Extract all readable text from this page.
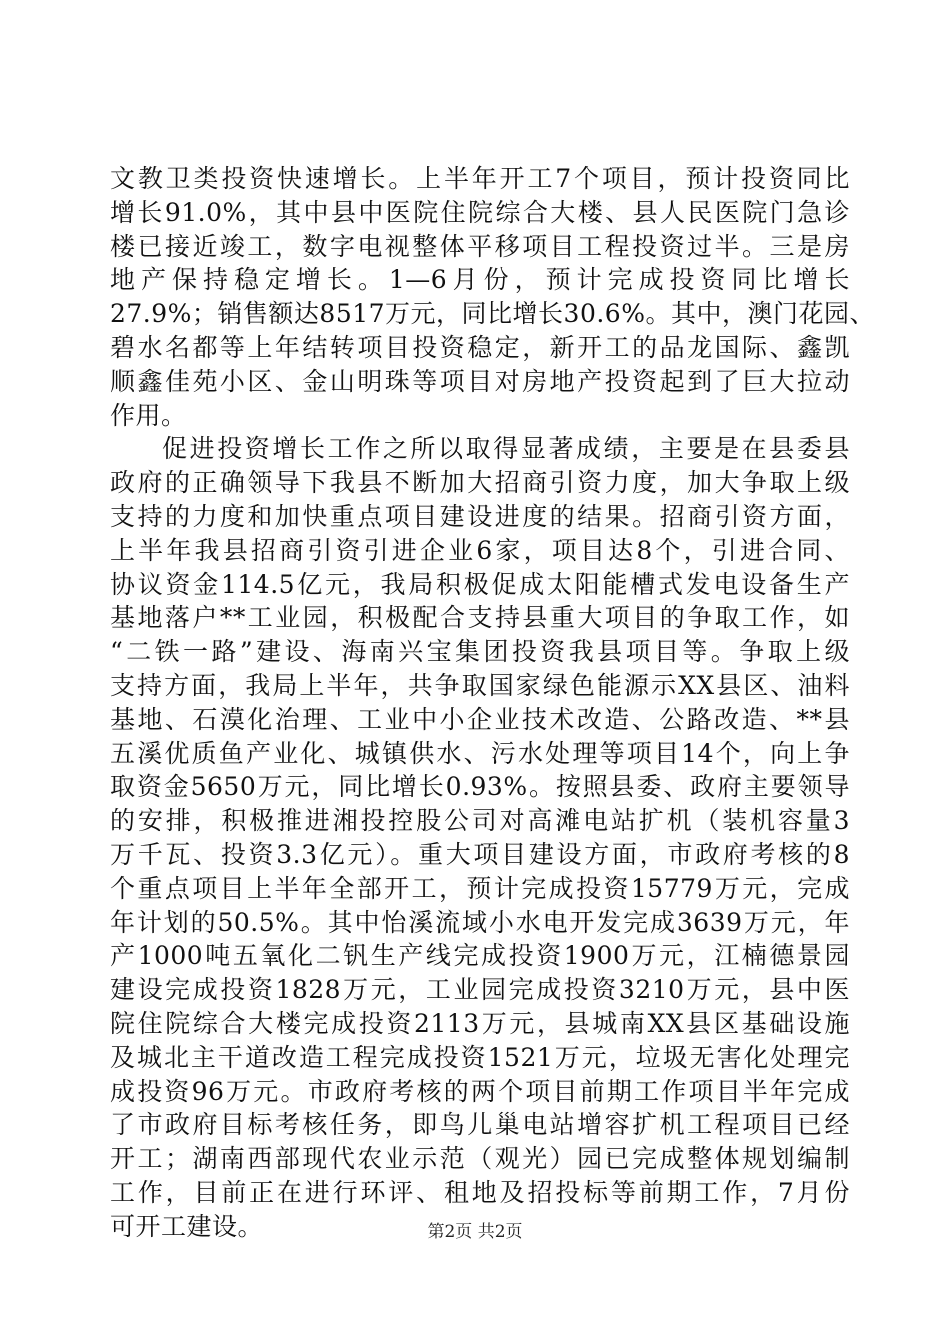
文教卫类投资快速增长。上半年开工7个项目，预计投资同比
增长91.0%，其中县中医院住院综合大楼、县人民医院门急诊
楼已接近竣工，数字电视整体平移项目工程投资过半。三是房
地产保持稳定增长。1—6月份，预计完成投资同比增长
27.9%；销售额达8517万元，同比增长30.6%。其中，澳门花园、
碧水名都等上年结转项目投资稳定，新开工的品龙国际、鑫凯
顺鑫佳苑小区、金山明珠等项目对房地产投资起到了巨大拉动
作用。
促进投资增长工作之所以取得显著成绩，主要是在县委县
政府的正确领导下我县不断加大招商引资力度，加大争取上级
支持的力度和加快重点项目建设进度的结果。招商引资方面，
上半年我县招商引资引进企业6家，项目达8个，引进合同、
协议资金114.5亿元，我局积极促成太阳能槽式发电设备生产
基地落户**工业园，积极配合支持县重大项目的争取工作，如
“二铁一路”建设、海南兴宝集团投资我县项目等。争取上级
支持方面，我局上半年，共争取国家绿色能源示XX县区、油料
基地、石漠化治理、工业中小企业技术改造、公路改造、**县
五溪优质鱼产业化、城镇供水、污水处理等项目14个，向上争
取资金5650万元，同比增长0.93%。按照县委、政府主要领导
的安排，积极推进湘投控股公司对高滩电站扩机（装机容量3
万千瓦、投资3.3亿元）。重大项目建设方面，市政府考核的8
个重点项目上半年全部开工，预计完成投资15779万元，完成
年计划的50.5%。其中怡溪流域小水电开发完成3639万元，年
产1000吨五氧化二钒生产线完成投资1900万元，江楠德景园
建设完成投资1828万元，工业园完成投资3210万元，县中医
院住院综合大楼完成投资2113万元，县城南XX县区基础设施
及城北主干道改造工程完成投资1521万元，垃圾无害化处理完
成投资96万元。市政府考核的两个项目前期工作项目半年完成
了市政府目标考核任务，即鸟儿巢电站增容扩机工程项目已经
开工；湖南西部现代农业示范（观光）园已完成整体规划编制
工作，目前正在进行环评、租地及招投标等前期工作，7月份
可开工建设。	第2页 共2页
